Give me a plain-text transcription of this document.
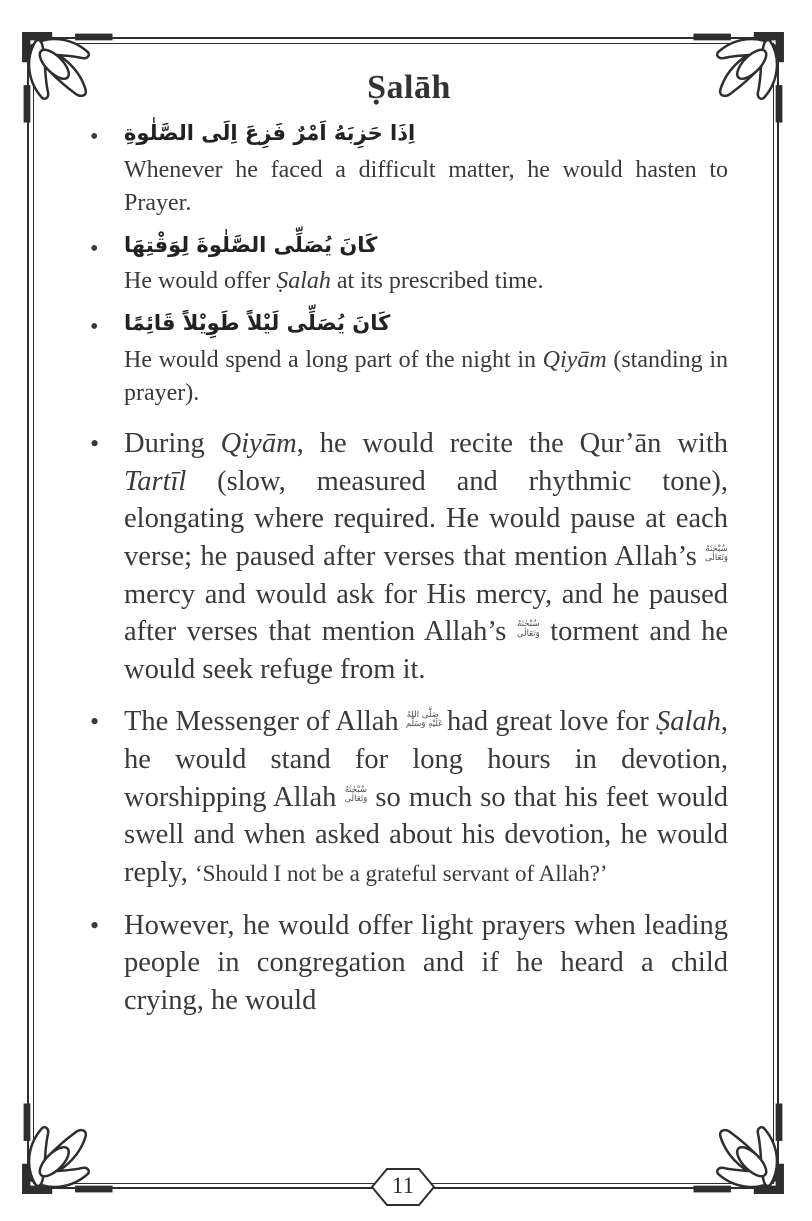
11
Ṣalāh
•	اِذَا حَزِبَهُ اَمْرٌ فَزِعَ اِلَى الصَّلٰوةِ

Whenever he faced a difficult matter, he would hasten to Prayer.

•	كَانَ يُصَلِّى الصَّلٰوةَ لِوَقْتِهَا

He would offer Ṣalah at its prescribed time.

•	كَانَ يُصَلِّى لَيْلاً طَوِيْلاً قَائِمًا

He would spend a long part of the night in Qiyām (standing in prayer).

• During Qiyām, he would recite the Qur’ān with Tartīl (slow, measured and rhythmic tone), elongating where required. He would pause at each verse; he paused after verses that mention Allah’s سُبْحٰنَهُ
وَتَعَالٰى
mercy and would ask for His mercy, and he paused after verses that mention Allah’s سُبْحٰنَهُ
وَتَعَالٰى torment and he would seek refuge from it.

• The Messenger of Allah صَلَّى اللهُ
عَلَيْهِ وَسَلَّم
had great love for Ṣalah, he would stand for long hours in devotion, worshipping Allah سُبْحٰنَهُ
وَتَعَالٰى so much so that his feet would swell and when asked about his devotion, he would reply, ‘Should I not be a grateful servant of Allah?’

• However, he would offer light prayers when leading people in congregation and if he heard a child crying, he would
